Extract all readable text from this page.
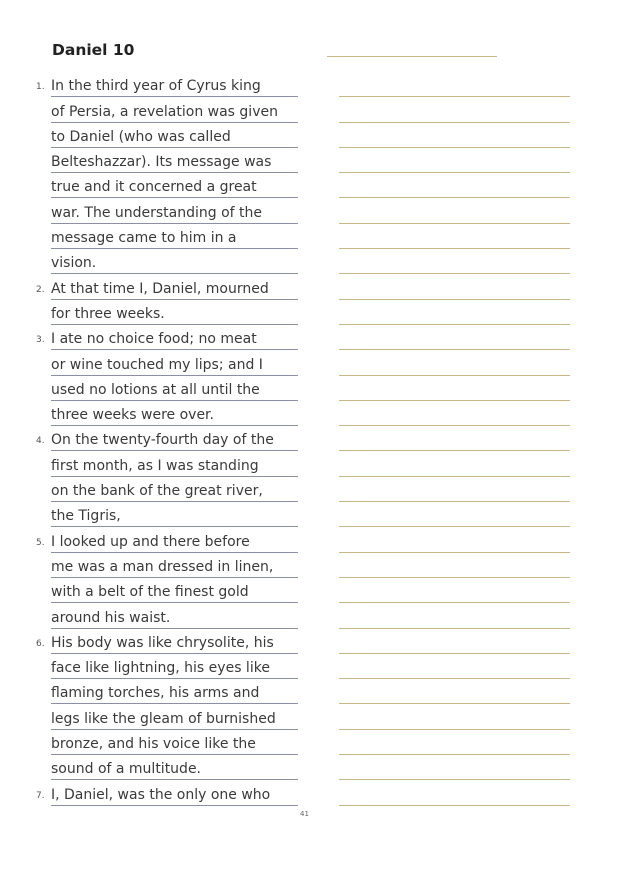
Daniel 10
1. In the third year of Cyrus king
of Persia, a revelation was given
to Daniel (who was called
Belteshazzar). Its message was
true and it concerned a great
war. The understanding of the
message came to him in a
vision.
2. At that time I, Daniel, mourned
for three weeks.
3. I ate no choice food; no meat
or wine touched my lips; and I
used no lotions at all until the
three weeks were over.
4. On the twenty-fourth day of the
first month, as I was standing
on the bank of the great river,
the Tigris,
5. I looked up and there before
me was a man dressed in linen,
with a belt of the finest gold
around his waist.
6. His body was like chrysolite, his
face like lightning, his eyes like
flaming torches, his arms and
legs like the gleam of burnished
bronze, and his voice like the
sound of a multitude.
7. I, Daniel, was the only one who
41
